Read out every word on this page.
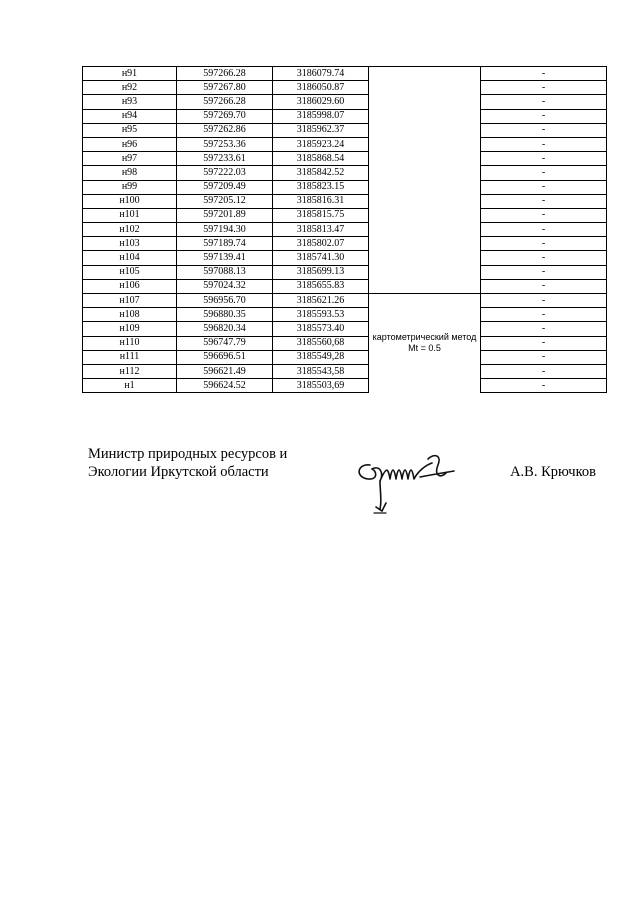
н91	597266.28	3186079.74		-
н92	597267.80	3186050.87		-
н93	597266.28	3186029.60		-
н94	597269.70	3185998.07		-
н95	597262.86	3185962.37		-
н96	597253.36	3185923.24		-
н97	597233.61	3185868.54		-
н98	597222.03	3185842.52		-
н99	597209.49	3185823.15		-
н100	597205.12	3185816.31		-
н101	597201.89	3185815.75		-
н102	597194.30	3185813.47		-
н103	597189.74	3185802.07		-
н104	597139.41	3185741.30		-
н105	597088.13	3185699.13		-
н106	597024.32	3185655.83		-
н107	596956.70	3185621.26	картометрический метод Mt = 0.5	-
н108	596880.35	3185593.53		-
н109	596820.34	3185573.40		-
н110	596747.79	3185560,68		-
н111	596696.51	3185549,28		-
н112	596621.49	3185543,58		-
н1	596624.52	3185503,69		-
Министр природных ресурсов и Экологии Иркутской области	А.В. Крючков
